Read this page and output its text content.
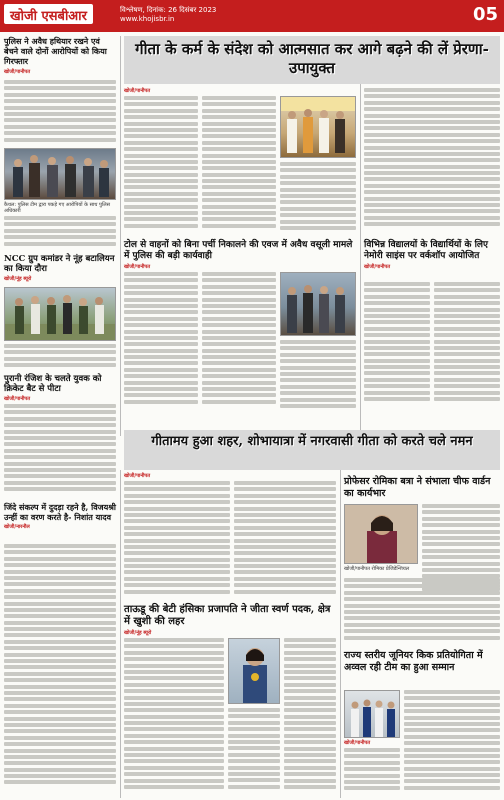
खोजी एसबीआर	विश्लेषण, दिनांक: 26 दिसंबर 2023
www.khojisbr.in	05
पुलिस ने अवैध हथियार रखने एवं बेचने वाले दोनों आरोपियों को किया गिरफ्तार
खोजी/पानीपत
कैथल: पुलिस टीम द्वारा पकड़े गए आरोपियों के साथ पुलिस अधिकारी
NCC ग्रुप कमांडर ने नूंह बटालियन का किया दौरा
खोजी/नूंह ब्यूरो
पुरानी रंजिश के चलते युवक को क्रिकेट बैट से पीटा
खोजी/पानीपत
जिंदे संकल्प में दुदड़ा रहने है, विजयश्री उन्हीं का वरण करते है- निशांत यादव
खोजी/नारनौल
गीता के कर्म के संदेश को आत्मसात कर आगे बढ़ने की लें प्रेरणा-उपायुक्त
खोजी/पानीपत
टोल से वाहनों को बिना पर्ची निकालने की एवज में अवैध वसूली मामले में पुलिस की बड़ी कार्यवाही
खोजी/पानीपत
विभिन्न विद्यालयों के विद्यार्थियों के लिए नेमोरी साइंस पर वर्कशॉप आयोजित
खोजी/पानीपत
गीतामय हुआ शहर, शोभायात्रा में नगरवासी गीता को करते चले नमन
खोजी/पानीपत	प्रोफेसर रोमिका बत्रा ने संभाला चीफ वार्डन का कार्यभार
खोजी/पानीपत रोमिका प्रेजिडेन्शियल
ताऊडू की बेटी हंसिका प्रजापति ने जीता स्वर्ण पदक, क्षेत्र में खुशी की लहर
खोजी/नूंह ब्यूरो
राज्य स्तरीय जूनियर किक प्रतियोगिता में अव्वल रही टीम का हुआ सम्मान
खोजी/पानीपत
